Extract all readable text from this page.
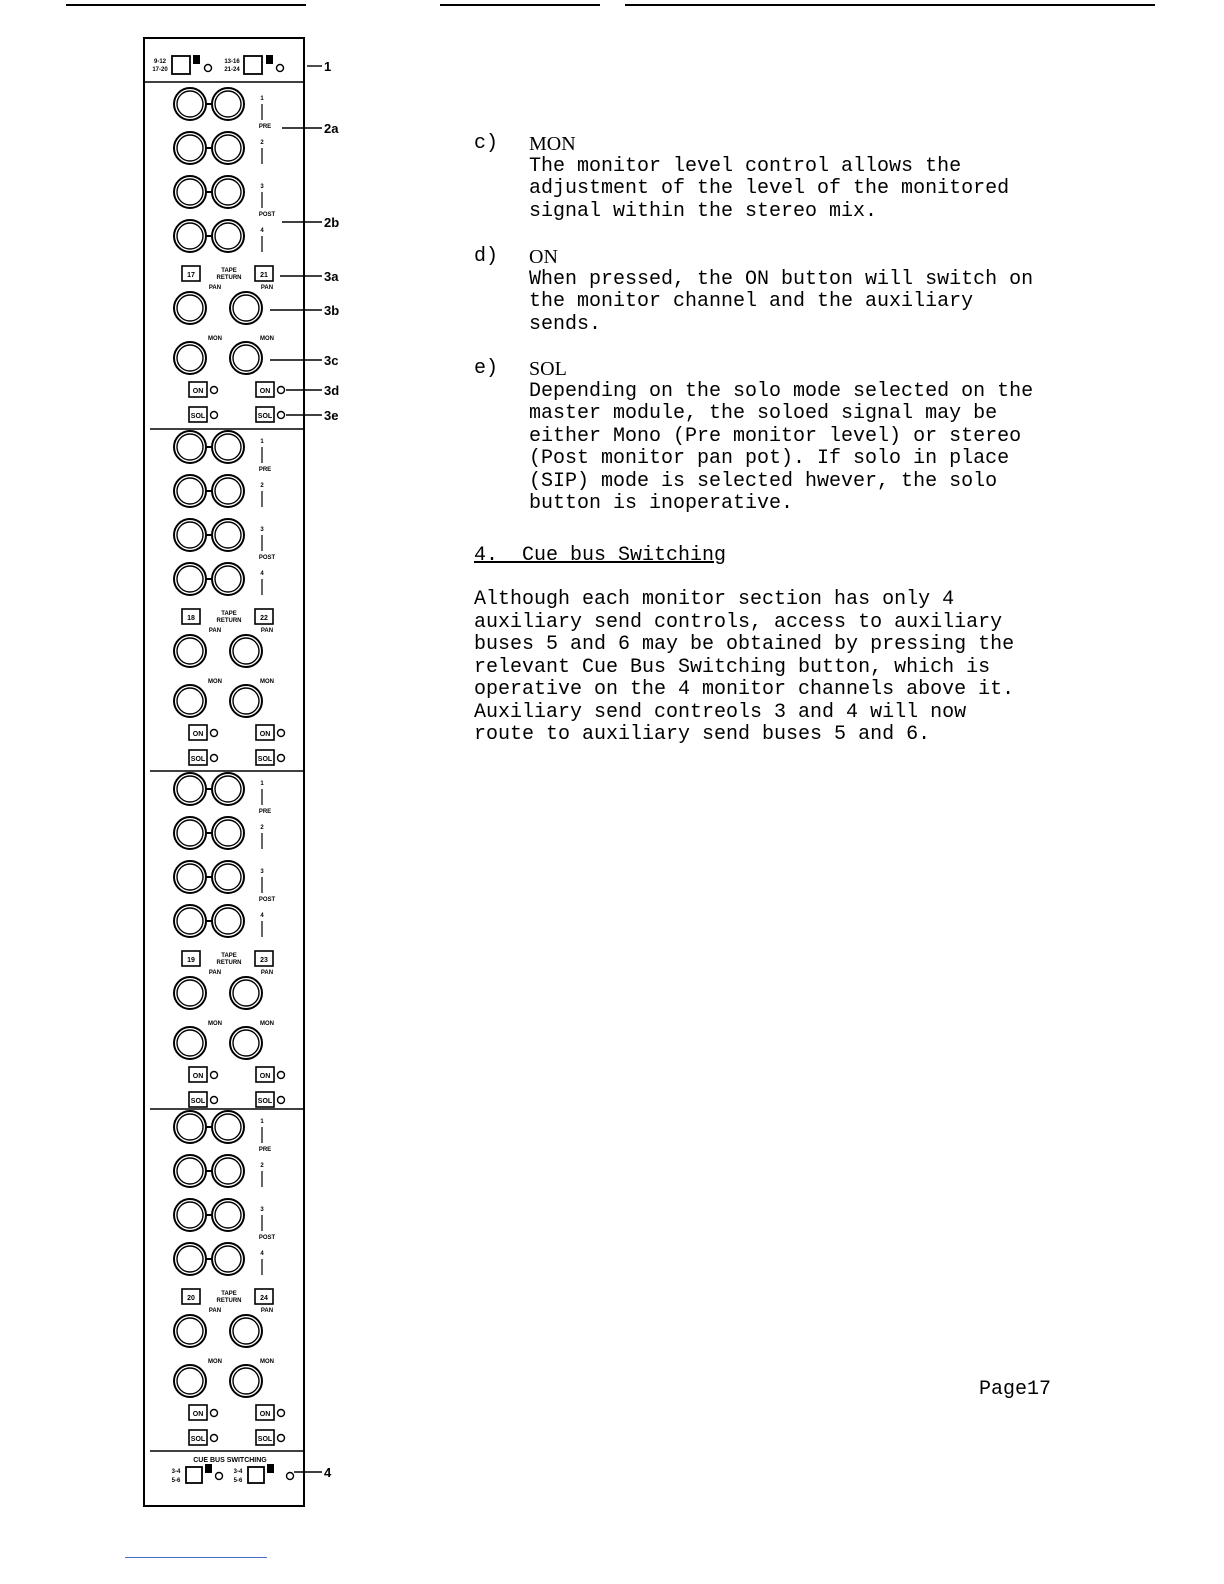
9-12
17-20
13-16
21-24	1
2a
2b
3a
3b
3c
3d
3e
1
2
3
4
PRE
POST
17	21
TAPE
RETURN
PAN	PAN
MON	MON
ON	ON
SOL	SOL
1
2
3
4
PRE
POST
18	22
TAPE
RETURN
PAN	PAN
MON	MON
ON	ON
SOL	SOL
1
2
3
4
PRE
POST
19	23
TAPE
RETURN
PAN	PAN
MON	MON
ON	ON
SOL	SOL
1
2
3
4
PRE
POST
20	24
TAPE
RETURN
PAN	PAN
MON	MON
ON	ON
SOL	SOL
CUE BUS SWITCHING
3-4
5-6
3-4
5-6
4
c) MON
The monitor level control allows the
adjustment of the level of the monitored
signal within the stereo mix.
d) ON
When pressed, the ON button will switch on
the monitor channel and the auxiliary
sends.
e) SOL
Depending on the solo mode selected on the
master module, the soloed signal may be
either Mono (Pre monitor level) or stereo
(Post monitor pan pot). If solo in place
(SIP) mode is selected hwever, the solo
button is inoperative.
4.  Cue bus Switching
Although each monitor section has only 4
auxiliary send controls, access to auxiliary
buses 5 and 6 may be obtained by pressing the
relevant Cue Bus Switching button, which is
operative on the 4 monitor channels above it.
Auxiliary send contreols 3 and 4 will now
route to auxiliary send buses 5 and 6.
Page17
